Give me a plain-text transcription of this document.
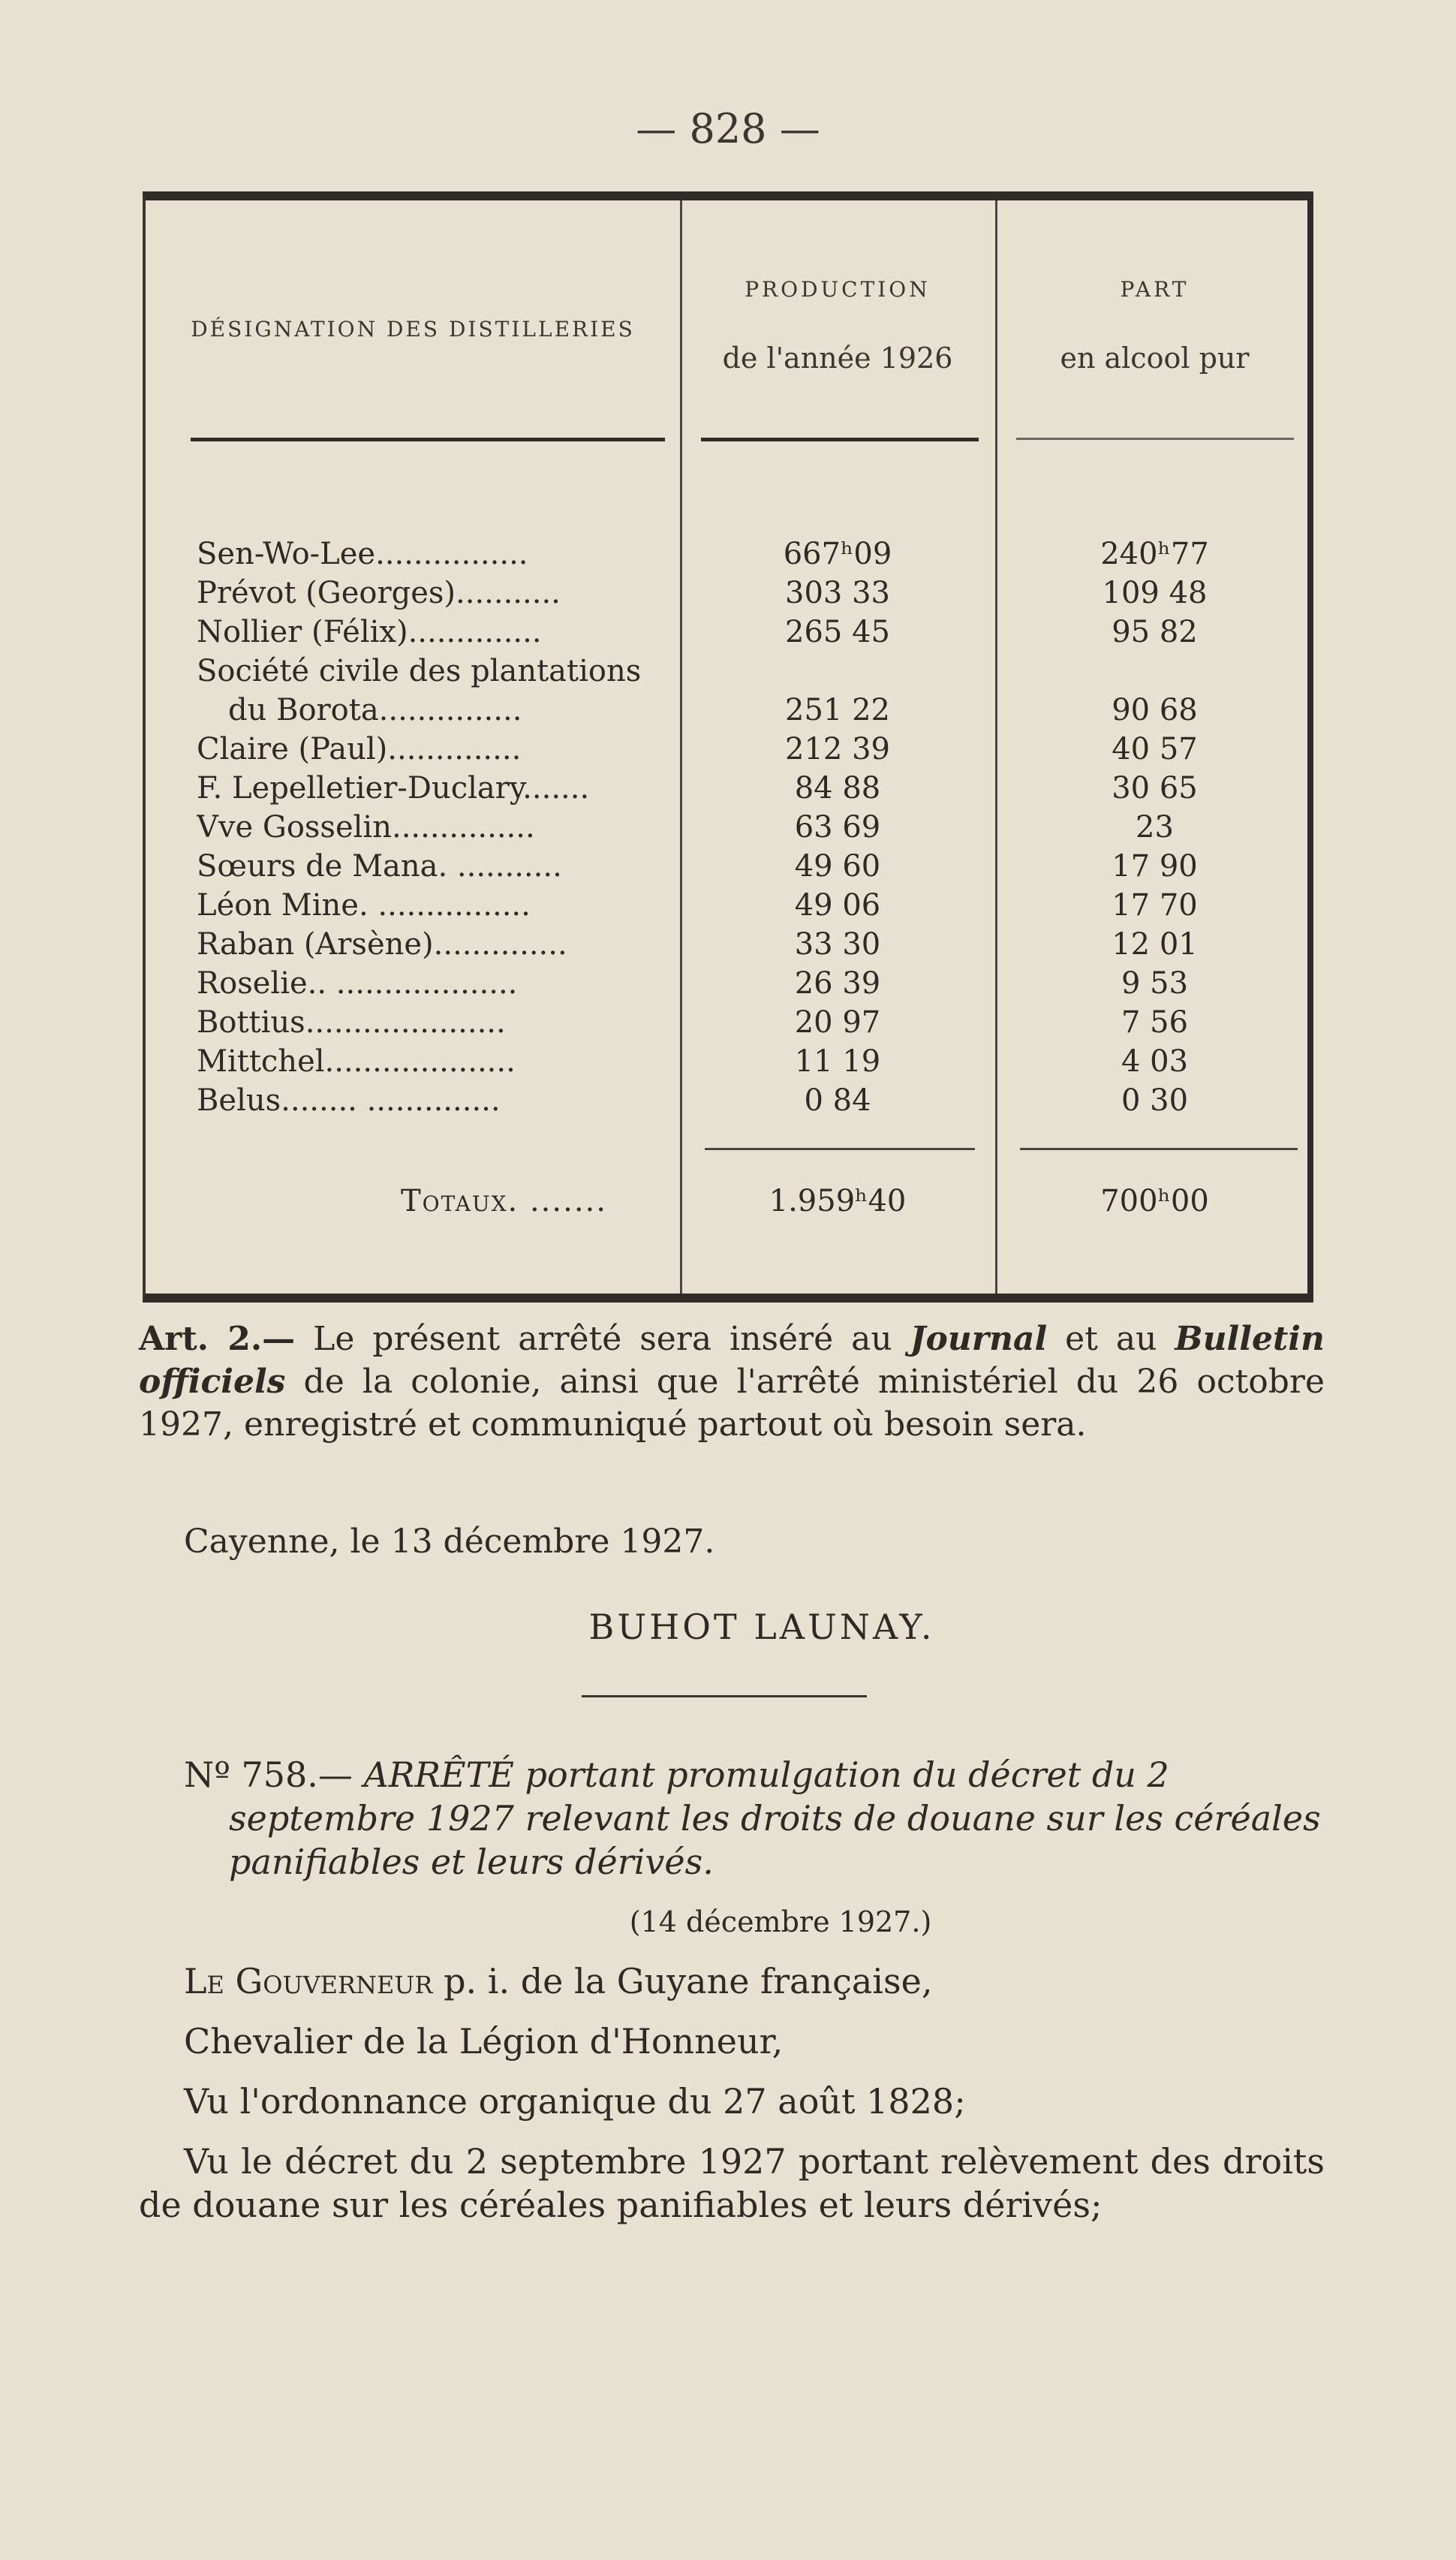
— 828 —
DÉSIGNATION DES DISTILLERIES
PRODUCTION
de l'année 1926
PART
en alcool pur
Sen-Wo-Lee................	667ʰ09	240ʰ77
Prévot (Georges)...........	303 33	109 48
Nollier (Félix)..............	265 45	95 82
Société civile des plantations
du Borota...............	251 22	90 68
Claire (Paul)..............	212 39	40 57
F. Lepelletier-Duclary.......	84 88	30 65
Vve Gosselin...............	63 69	23
Sœurs de Mana. ...........	49 60	17 90
Léon Mine. ................	49 06	17 70
Raban (Arsène)..............	33 30	12 01
Roselie.. ...................	26 39	9 53
Bottius.....................	20 97	7 56
Mittchel....................	11 19	4 03
Belus........ ..............	0 84	0 30
Totaux. .......	1.959ʰ40	700ʰ00
Art. 2.— Le présent arrêté sera inséré au Journal et au Bulletin officiels de la colonie, ainsi que l'arrêté ministériel du 26 octobre 1927, enregistré et communiqué partout où besoin sera.
Cayenne, le 13 décembre 1927.
BUHOT LAUNAY.
Nº 758.— ARRÊTÉ portant promulgation du décret du 2 septembre 1927 relevant les droits de douane sur les céréales panifiables et leurs dérivés.
(14 décembre 1927.)
Le Gouverneur p. i. de la Guyane française,
Chevalier de la Légion d'Honneur,
Vu l'ordonnance organique du 27 août 1828;
Vu le décret du 2 septembre 1927 portant relèvement des droits de douane sur les céréales panifiables et leurs dérivés;
